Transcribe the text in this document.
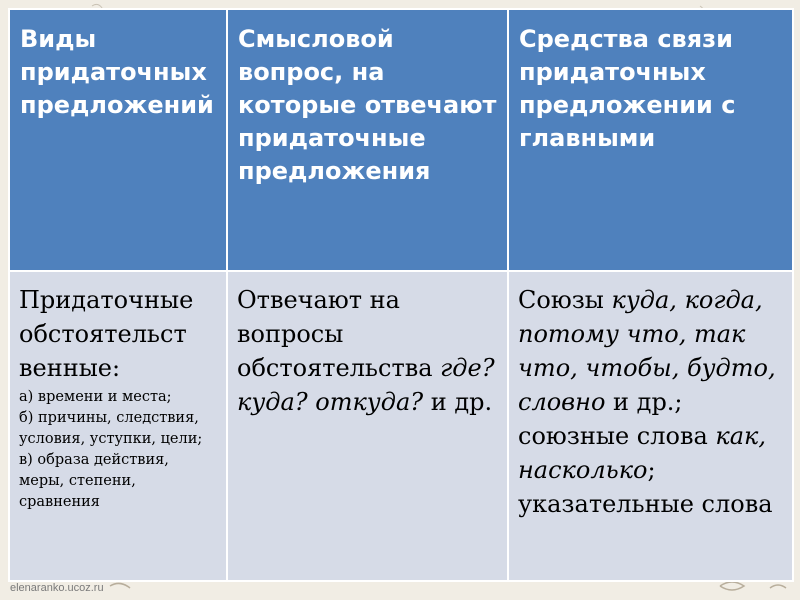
Виды придаточных предложений	Смысловой вопрос, на которые отвечают придаточные предложения	Средства связи придаточных предложении с главными

Придаточные обстоятельст венные:
а) времени и места;
б) причины, следствия, условия, уступки, цели; в) образа действия, меры, степени, сравнения	Отвечают на вопросы обстоятельства где? куда? откуда? и др.	Союзы куда, когда, потому что, так что, чтобы, будто, словно и др.; союзные слова как, насколько; указательные слова
elenaranko.ucoz.ru
